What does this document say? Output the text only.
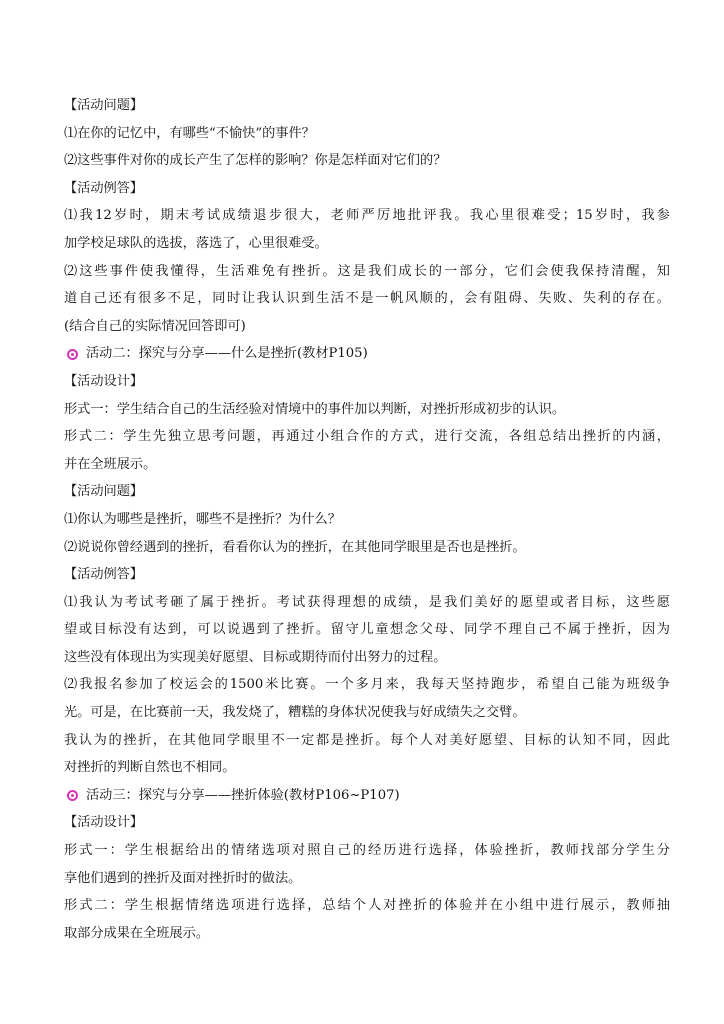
【活动问题】
⑴在你的记忆中，有哪些“不愉快”的事件？
⑵这些事件对你的成长产生了怎样的影响？你是怎样面对它们的？
【活动例答】
⑴我12岁时，期末考试成绩退步很大，老师严厉地批评我。我心里很难受；15岁时，我参
加学校足球队的选拔，落选了，心里很难受。
⑵这些事件使我懂得，生活难免有挫折。这是我们成长的一部分，它们会使我保持清醒，知
道自己还有很多不足，同时让我认识到生活不是一帆风顺的，会有阻碍、失败、失利的存在。
(结合自己的实际情况回答即可)
活动二：探究与分享——什么是挫折(教材P105)
【活动设计】
形式一：学生结合自己的生活经验对情境中的事件加以判断，对挫折形成初步的认识。
形式二：学生先独立思考问题，再通过小组合作的方式，进行交流，各组总结出挫折的内涵，
并在全班展示。
【活动问题】
⑴你认为哪些是挫折，哪些不是挫折？为什么？
⑵说说你曾经遇到的挫折，看看你认为的挫折，在其他同学眼里是否也是挫折。
【活动例答】
⑴我认为考试考砸了属于挫折。考试获得理想的成绩，是我们美好的愿望或者目标，这些愿
望或目标没有达到，可以说遇到了挫折。留守儿童想念父母、同学不理自己不属于挫折，因为
这些没有体现出为实现美好愿望、目标或期待而付出努力的过程。
⑵我报名参加了校运会的1500米比赛。一个多月来，我每天坚持跑步，希望自己能为班级争
光。可是，在比赛前一天，我发烧了，糟糕的身体状况使我与好成绩失之交臂。
我认为的挫折，在其他同学眼里不一定都是挫折。每个人对美好愿望、目标的认知不同，因此
对挫折的判断自然也不相同。
活动三：探究与分享——挫折体验(教材P106~P107)
【活动设计】
形式一：学生根据给出的情绪选项对照自己的经历进行选择，体验挫折，教师找部分学生分
享他们遇到的挫折及面对挫折时的做法。
形式二：学生根据情绪选项进行选择，总结个人对挫折的体验并在小组中进行展示，教师抽
取部分成果在全班展示。
